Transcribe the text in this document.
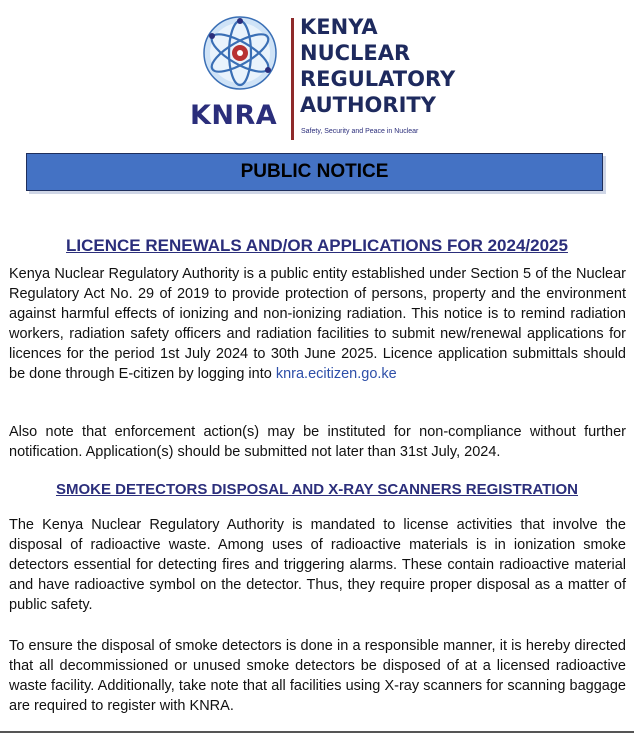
KNRA
KENYA
NUCLEAR
REGULATORY
AUTHORITY
Safety, Security and Peace in Nuclear
PUBLIC NOTICE
LICENCE RENEWALS AND/OR APPLICATIONS FOR 2024/2025
Kenya Nuclear Regulatory Authority is a public entity established under Section 5 of the Nuclear Regulatory Act No. 29 of 2019 to provide protection of persons, property and the environment against harmful effects of ionizing and non-ionizing radiation. This notice is to remind radiation workers, radiation safety officers and radiation facilities to submit new/renewal applications for licences for the period 1st July 2024 to 30th June 2025. Licence application submittals should be done through E-citizen by logging into knra.ecitizen.go.ke
Also note that enforcement action(s) may be instituted for non-compliance without further notification. Application(s) should be submitted not later than 31st July, 2024.
SMOKE DETECTORS DISPOSAL AND X-RAY SCANNERS REGISTRATION
The Kenya Nuclear Regulatory Authority is mandated to license activities that involve the disposal of radioactive waste. Among uses of radioactive materials is in ionization smoke detectors essential for detecting fires and triggering alarms. These contain radioactive material and have radioactive symbol on the detector. Thus, they require proper disposal as a matter of public safety.
To ensure the disposal of smoke detectors is done in a responsible manner, it is hereby directed that all decommissioned or unused smoke detectors be disposed of at a licensed radioactive waste facility. Additionally, take note that all facilities using X-ray scanners for scanning baggage are required to register with KNRA.
